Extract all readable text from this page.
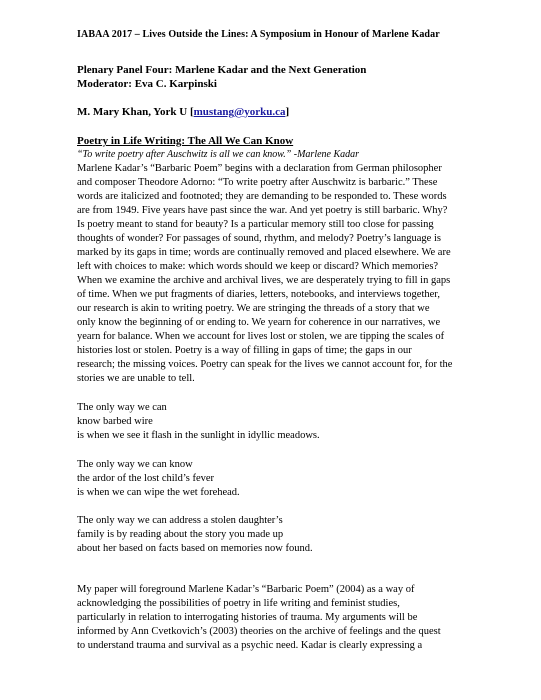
IABAA 2017 – Lives Outside the Lines: A Symposium in Honour of Marlene Kadar
Plenary Panel Four: Marlene Kadar and the Next Generation
Moderator: Eva C. Karpinski
M. Mary Khan, York U [mustang@yorku.ca]
Poetry in Life Writing: The All We Can Know
“To write poetry after Auschwitz is all we can know.” -Marlene Kadar
Marlene Kadar’s “Barbaric Poem” begins with a declaration from German philosopher
and composer Theodore Adorno: “To write poetry after Auschwitz is barbaric.” These
words are italicized and footnoted; they are demanding to be responded to. These words
are from 1949. Five years have past since the war. And yet poetry is still barbaric. Why?
Is poetry meant to stand for beauty? Is a particular memory still too close for passing
thoughts of wonder? For passages of sound, rhythm, and melody? Poetry’s language is
marked by its gaps in time; words are continually removed and placed elsewhere. We are
left with choices to make: which words should we keep or discard? Which memories?
When we examine the archive and archival lives, we are desperately trying to fill in gaps
of time. When we put fragments of diaries, letters, notebooks, and interviews together,
our research is akin to writing poetry. We are stringing the threads of a story that we
only know the beginning of or ending to. We yearn for coherence in our narratives, we
yearn for balance. When we account for lives lost or stolen, we are tipping the scales of
histories lost or stolen. Poetry is a way of filling in gaps of time; the gaps in our
research; the missing voices. Poetry can speak for the lives we cannot account for, for the
stories we are unable to tell.
The only way we can
know barbed wire
is when we see it flash in the sunlight in idyllic meadows.
The only way we can know
the ardor of the lost child’s fever
is when we can wipe the wet forehead.
The only way we can address a stolen daughter’s
family is by reading about the story you made up
about her based on facts based on memories now found.
My paper will foreground Marlene Kadar’s “Barbaric Poem” (2004) as a way of
acknowledging the possibilities of poetry in life writing and feminist studies,
particularly in relation to interrogating histories of trauma. My arguments will be
informed by Ann Cvetkovich’s (2003) theories on the archive of feelings and the quest
to understand trauma and survival as a psychic need. Kadar is clearly expressing a
